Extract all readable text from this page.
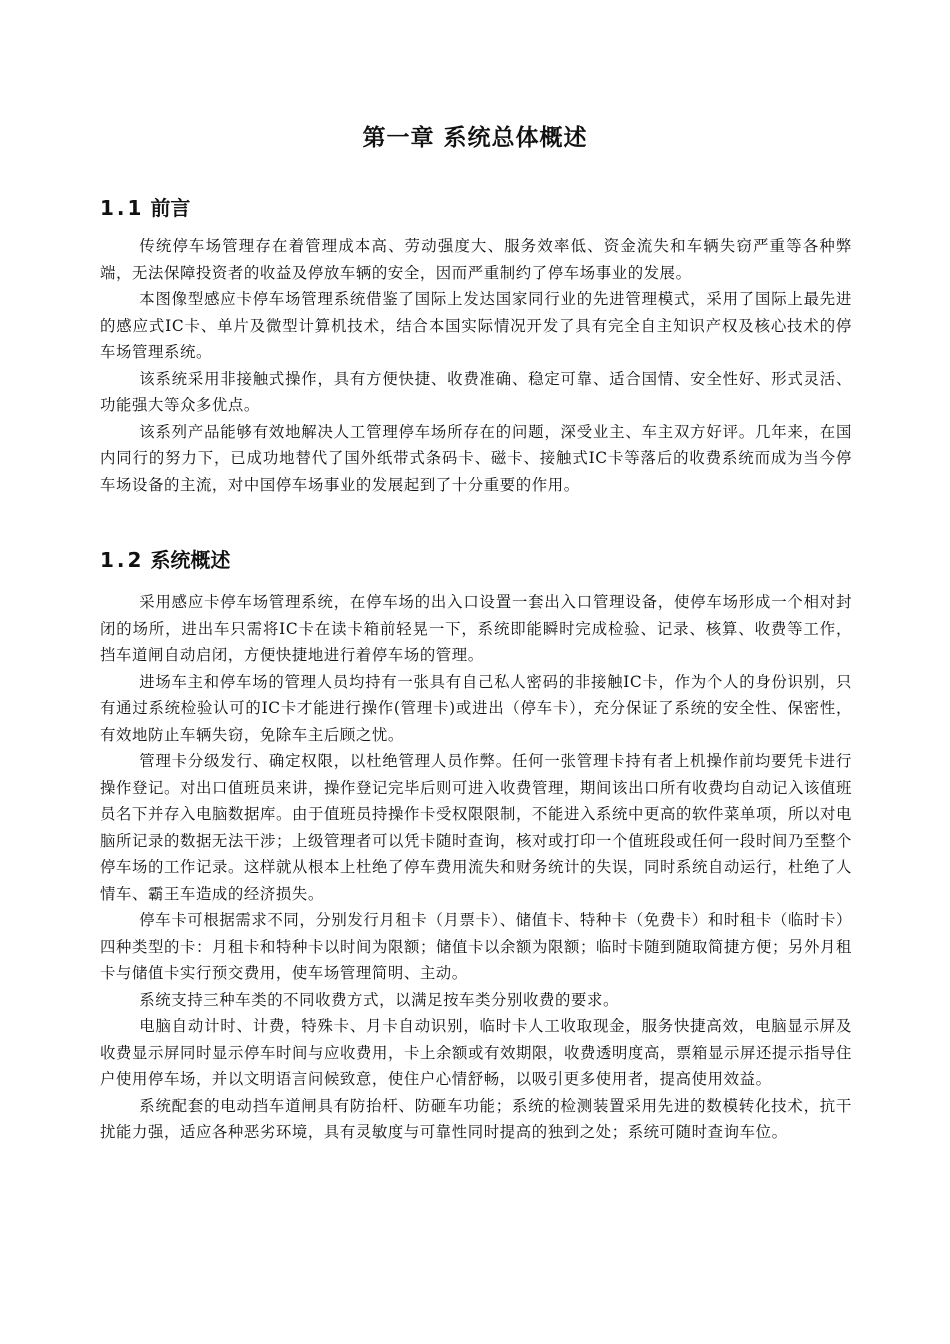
第一章 系统总体概述
1.1 前言

传统停车场管理存在着管理成本高、劳动强度大、服务效率低、资金流失和车辆失窃严重等各种弊端，无法保障投资者的收益及停放车辆的安全，因而严重制约了停车场事业的发展。

本图像型感应卡停车场管理系统借鉴了国际上发达国家同行业的先进管理模式，采用了国际上最先进的感应式IC卡、单片及微型计算机技术，结合本国实际情况开发了具有完全自主知识产权及核心技术的停车场管理系统。

该系统采用非接触式操作，具有方便快捷、收费准确、稳定可靠、适合国情、安全性好、形式灵活、功能强大等众多优点。

该系列产品能够有效地解决人工管理停车场所存在的问题，深受业主、车主双方好评。几年来，在国内同行的努力下，已成功地替代了国外纸带式条码卡、磁卡、接触式IC卡等落后的收费系统而成为当今停车场设备的主流，对中国停车场事业的发展起到了十分重要的作用。

1.2 系统概述

采用感应卡停车场管理系统，在停车场的出入口设置一套出入口管理设备，使停车场形成一个相对封闭的场所，进出车只需将IC卡在读卡箱前轻晃一下，系统即能瞬时完成检验、记录、核算、收费等工作，挡车道闸自动启闭，方便快捷地进行着停车场的管理。

进场车主和停车场的管理人员均持有一张具有自己私人密码的非接触IC卡，作为个人的身份识别，只有通过系统检验认可的IC卡才能进行操作(管理卡)或进出（停车卡），充分保证了系统的安全性、保密性，有效地防止车辆失窃，免除车主后顾之忧。

管理卡分级发行、确定权限，以杜绝管理人员作弊。任何一张管理卡持有者上机操作前均要凭卡进行操作登记。对出口值班员来讲，操作登记完毕后则可进入收费管理，期间该出口所有收费均自动记入该值班员名下并存入电脑数据库。由于值班员持操作卡受权限限制，不能进入系统中更高的软件菜单项，所以对电脑所记录的数据无法干涉；上级管理者可以凭卡随时查询，核对或打印一个值班段或任何一段时间乃至整个停车场的工作记录。这样就从根本上杜绝了停车费用流失和财务统计的失误，同时系统自动运行，杜绝了人情车、霸王车造成的经济损失。

停车卡可根据需求不同，分别发行月租卡（月票卡）、储值卡、特种卡（免费卡）和时租卡（临时卡）四种类型的卡：月租卡和特种卡以时间为限额；储值卡以余额为限额；临时卡随到随取简捷方便；另外月租卡与储值卡实行预交费用，使车场管理简明、主动。

系统支持三种车类的不同收费方式，以满足按车类分别收费的要求。

电脑自动计时、计费，特殊卡、月卡自动识别，临时卡人工收取现金，服务快捷高效，电脑显示屏及收费显示屏同时显示停车时间与应收费用，卡上余额或有效期限，收费透明度高，票箱显示屏还提示指导住户使用停车场，并以文明语言问候致意，使住户心情舒畅，以吸引更多使用者，提高使用效益。

系统配套的电动挡车道闸具有防抬杆、防砸车功能；系统的检测装置采用先进的数模转化技术，抗干扰能力强，适应各种恶劣环境，具有灵敏度与可靠性同时提高的独到之处；系统可随时查询车位。
